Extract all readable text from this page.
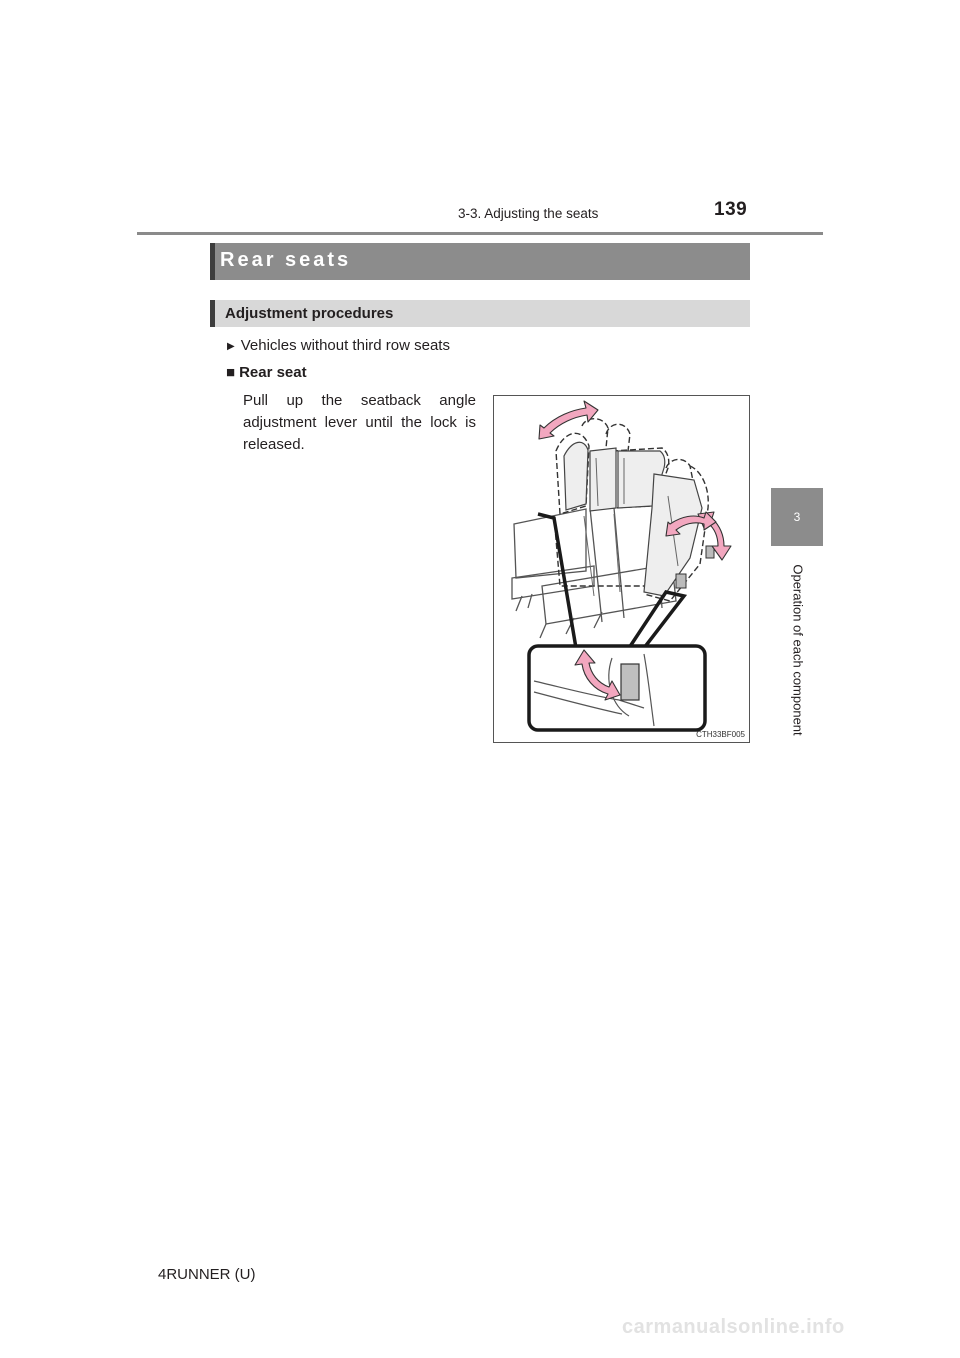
139
3-3. Adjusting the seats
3
Operation of each component
Rear seats
Adjustment procedures
▶ Vehicles without third row seats
■ Rear seat
Pull up the seatback angle adjustment lever until the lock is released.
CTH33BF005
4RUNNER (U)
carmanualsonline.info
